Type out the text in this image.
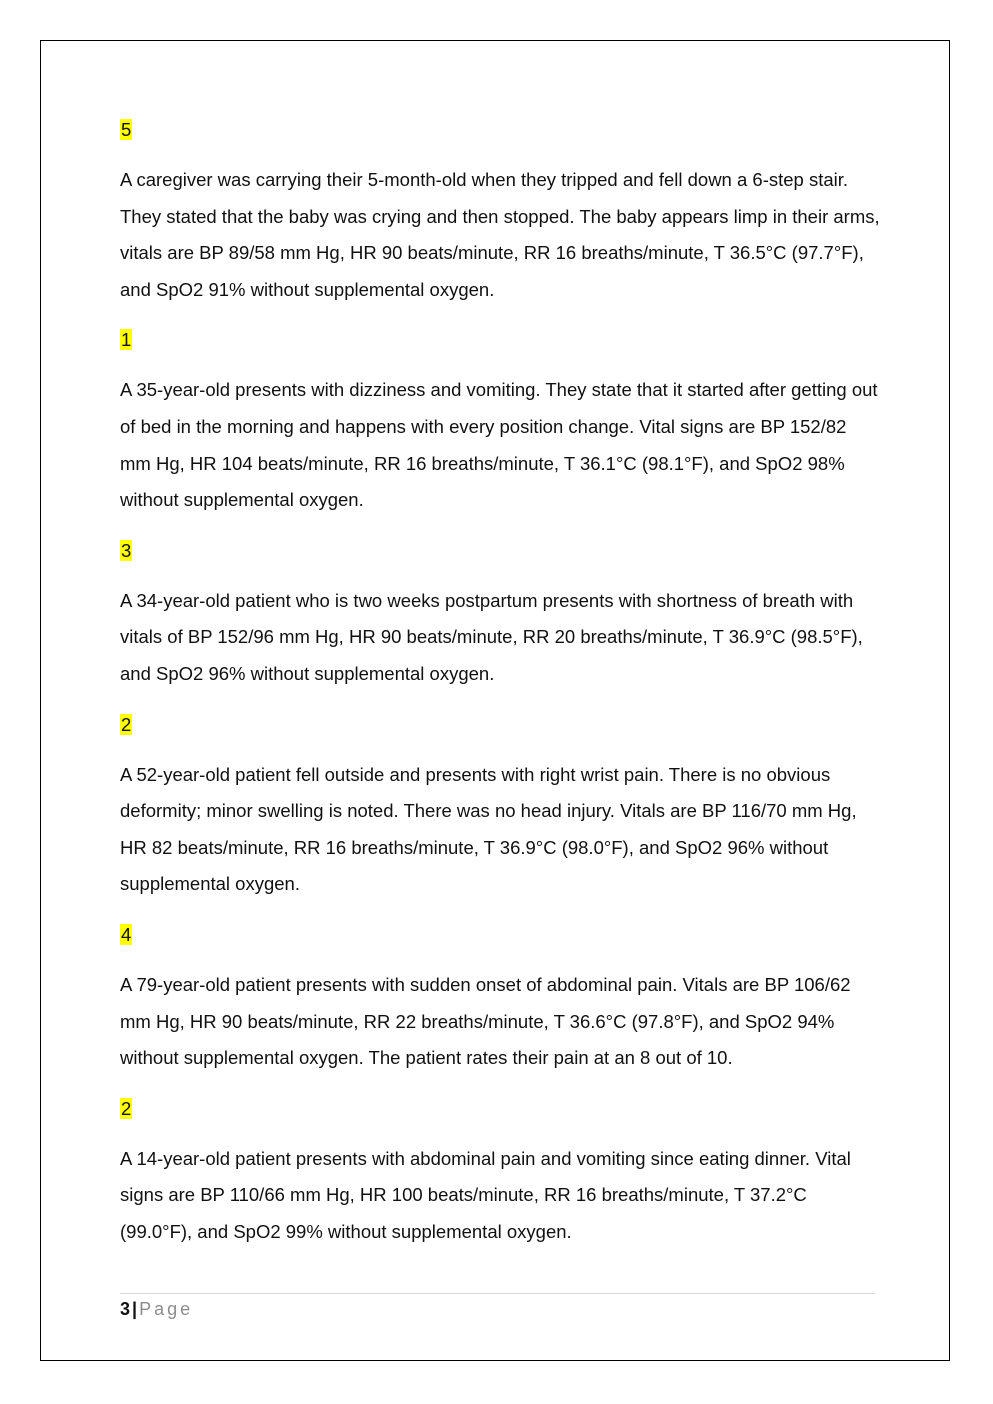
5

A caregiver was carrying their 5-month-old when they tripped and fell down a 6-step stair. They stated that the baby was crying and then stopped. The baby appears limp in their arms, vitals are BP 89/58 mm Hg, HR 90 beats/minute, RR 16 breaths/minute, T 36.5°C (97.7°F), and SpO2 91% without supplemental oxygen.

1

A 35-year-old presents with dizziness and vomiting. They state that it started after getting out of bed in the morning and happens with every position change. Vital signs are BP 152/82 mm Hg, HR 104 beats/minute, RR 16 breaths/minute, T 36.1°C (98.1°F), and SpO2 98% without supplemental oxygen.

3

A 34-year-old patient who is two weeks postpartum presents with shortness of breath with vitals of BP 152/96 mm Hg, HR 90 beats/minute, RR 20 breaths/minute, T 36.9°C (98.5°F), and SpO2 96% without supplemental oxygen.

2

A 52-year-old patient fell outside and presents with right wrist pain. There is no obvious deformity; minor swelling is noted. There was no head injury. Vitals are BP 116/70 mm Hg, HR 82 beats/minute, RR 16 breaths/minute, T 36.9°C (98.0°F), and SpO2 96% without supplemental oxygen.

4

A 79-year-old patient presents with sudden onset of abdominal pain. Vitals are BP 106/62 mm Hg, HR 90 beats/minute, RR 22 breaths/minute, T 36.6°C (97.8°F), and SpO2 94% without supplemental oxygen. The patient rates their pain at an 8 out of 10.

2

A 14-year-old patient presents with abdominal pain and vomiting since eating dinner. Vital signs are BP 110/66 mm Hg, HR 100 beats/minute, RR 16 breaths/minute, T 37.2°C (99.0°F), and SpO2 99% without supplemental oxygen.

3 | Page
